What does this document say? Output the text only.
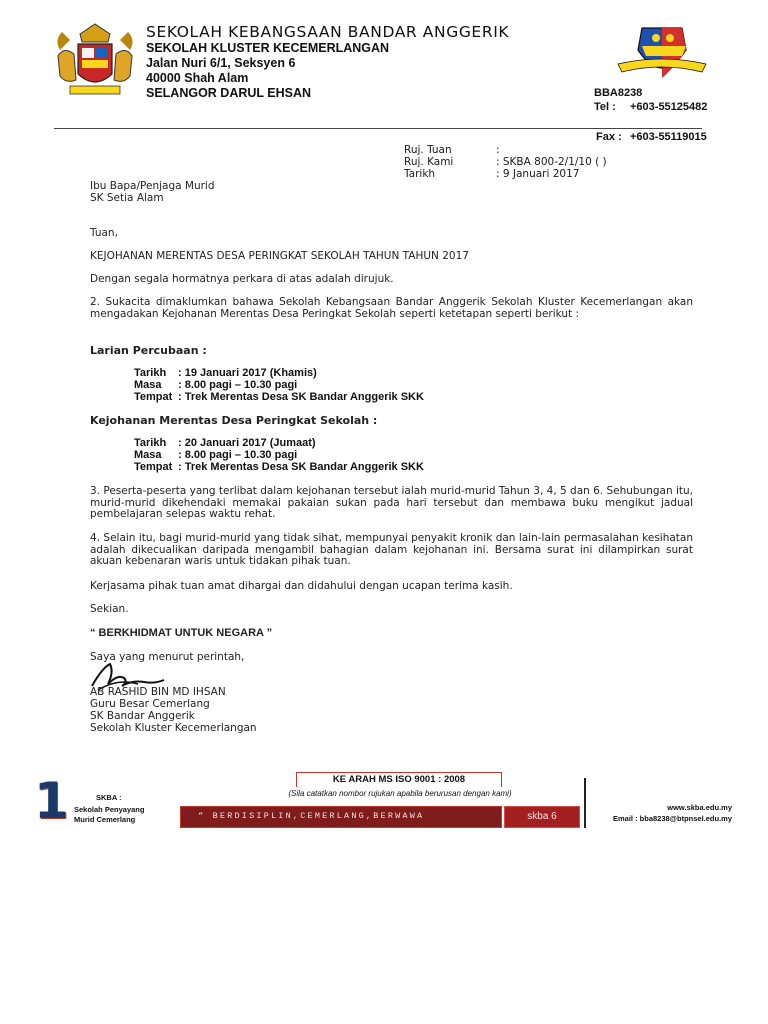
SEKOLAH KEBANGSAAN BANDAR ANGGERIK
SEKOLAH KLUSTER KECEMERLANGAN
Jalan Nuri 6/1, Seksyen 6
40000 Shah Alam
SELANGOR DARUL EHSAN	BBA8238
Tel : +603-55125482
Fax : +603-55119015
Ruj. Tuan	:
Ruj. Kami	: SKBA 800-2/1/10 ( )
Tarikh	: 9 Januari 2017
Ibu Bapa/Penjaga Murid
SK Setia Alam
Tuan,
KEJOHANAN MERENTAS DESA PERINGKAT SEKOLAH TAHUN TAHUN 2017
Dengan segala hormatnya perkara di atas adalah dirujuk.
2. Sukacita dimaklumkan bahawa Sekolah Kebangsaan Bandar Anggerik Sekolah Kluster Kecemerlangan akan mengadakan Kejohanan Merentas Desa Peringkat Sekolah seperti ketetapan seperti berikut :
Larian Percubaan :
Tarikh	: 19 Januari 2017 (Khamis)
Masa	: 8.00 pagi – 10.30 pagi
Tempat : Trek Merentas Desa SK Bandar Anggerik SKK
Kejohanan Merentas Desa Peringkat Sekolah :
Tarikh	: 20 Januari 2017 (Jumaat)
Masa	: 8.00 pagi – 10.30 pagi
Tempat : Trek Merentas Desa SK Bandar Anggerik SKK
3. Peserta-peserta yang terlibat dalam kejohanan tersebut ialah murid-murid Tahun 3, 4, 5 dan 6. Sehubungan itu, murid-murid dikehendaki memakai pakaian sukan pada hari tersebut dan membawa buku mengikut jadual pembelajaran selepas waktu rehat.
4. Selain itu, bagi murid-murid yang tidak sihat, mempunyai penyakit kronik dan lain-lain permasalahan kesihatan adalah dikecualikan daripada mengambil bahagian dalam kejohanan ini. Bersama surat ini dilampirkan surat akuan kebenaran waris untuk tidakan pihak tuan.
Kerjasama pihak tuan amat dihargai dan didahului dengan ucapan terima kasih.
Sekian.
“ BERKHIDMAT UNTUK NEGARA ”
Saya yang menurut perintah,
AB RASHID BIN MD IHSAN
Guru Besar Cemerlang
SK Bandar Anggerik
Sekolah Kluster Kecemerlangan
1	SKBA :
Sekolah Penyayang
Murid Cemerlang
KE ARAH MS ISO 9001 : 2008
(Sila catatkan nombor rujukan apabila berurusan dengan kami)
“ BERDISIPLIN,CEMERLANG,BERWAWA	skba 6
www.skba.edu.my
Email : bba8238@btpnsel.edu.my
